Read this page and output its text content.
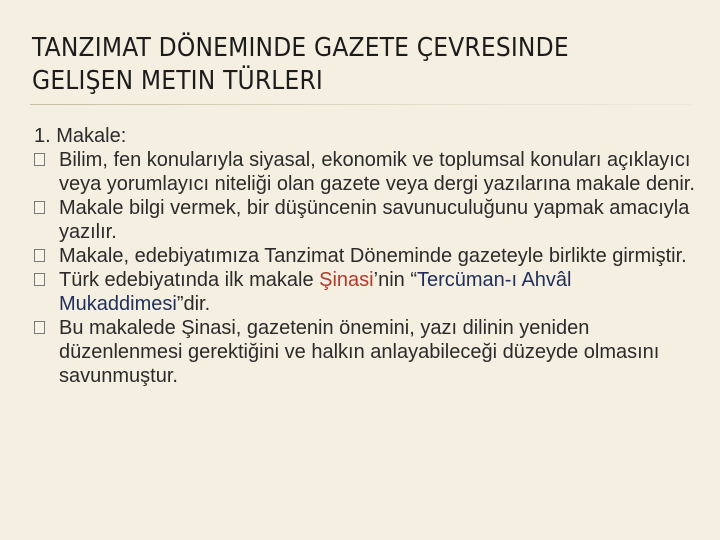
TANZIMAT DÖNEMINDE GAZETE ÇEVRESINDE
GELIŞEN METIN TÜRLERI
1. Makale:
Bilim, fen konularıyla siyasal, ekonomik ve toplumsal konuları açıklayıcı veya yorumlayıcı niteliği olan gazete veya dergi yazılarına makale denir.
Makale bilgi vermek, bir düşüncenin savunuculuğunu yapmak amacıyla yazılır.
Makale, edebiyatımıza Tanzimat Döneminde gazeteyle birlikte girmiştir.
Türk edebiyatında ilk makale Şinasi’nin “Tercüman-ı Ahvâl Mukaddimesi”dir.
Bu makalede Şinasi, gazetenin önemini, yazı dilinin yeniden düzenlenmesi gerektiğini ve halkın anlayabileceği düzeyde olmasını savunmuştur.
